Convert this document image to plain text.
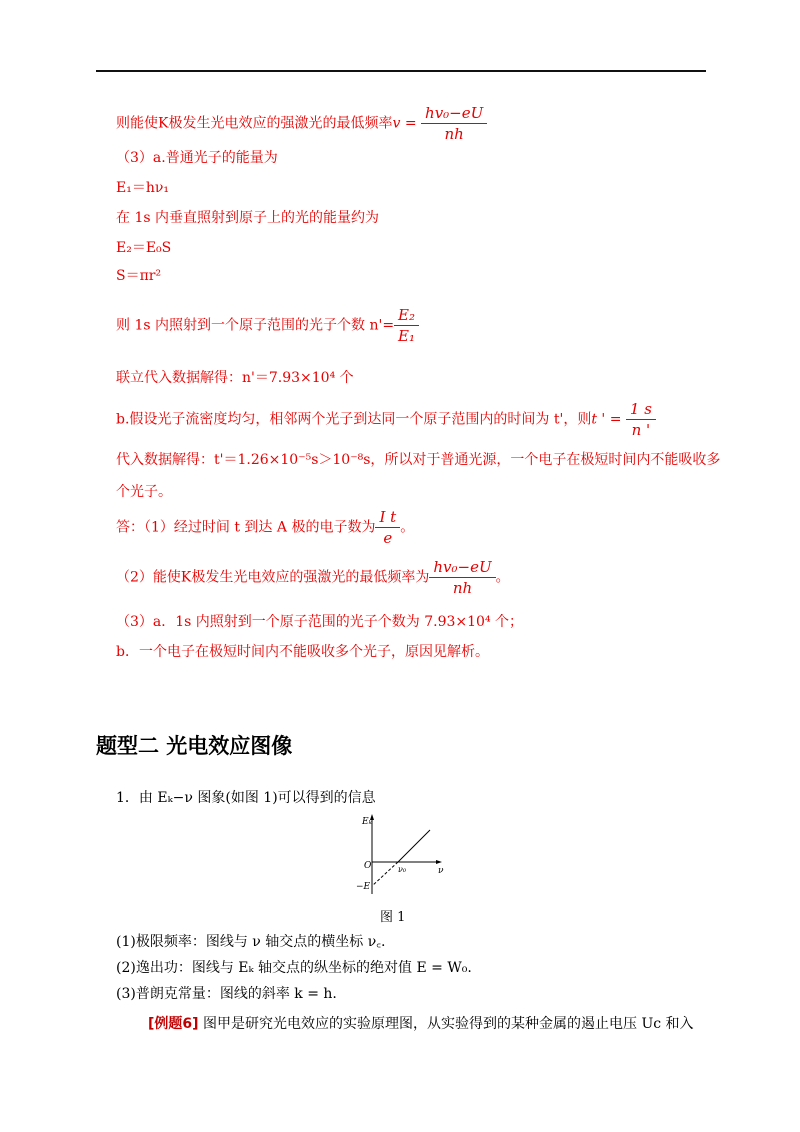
则能使K极发生光电效应的强激光的最低频率$v = \frac{\text{hv₀−eU}}{nh}$
（3）a.普通光子的能量为
E₁＝hν₁
在 1s 内垂直照射到原子上的光的能量约为
E₂＝E₀S
S＝πr²
则 1s 内照射到一个原子范围的光子个数 $n'= \frac{\text{E₂}}{\text{E₁}}$
联立代入数据解得：n'＝7.93×10⁴ 个
b.假设光子流密度均匀，相邻两个光子到达同一个原子范围内的时间为 t'，则t ' = $\frac{1 s}{n '}$
代入数据解得：t'＝1.26×10⁻⁵s＞10⁻⁸s，所以对于普通光源，一个电子在极短时间内不能吸收多
个光子。
答：（1）经过时间 t 到达 A 极的电子数为 $\frac{\text{I t}}{e}$ 。
（2）能使K极发生光电效应的强激光的最低频率为 $\frac{\text{hv₀−eU}}{nh}$ 。
（3）a．1s 内照射到一个原子范围的光子个数为 7.93×10⁴ 个；
b．一个电子在极短时间内不能吸收多个光子，原因见解析。
题型二 光电效应图像
1．由 Eₖ−ν 图象(如图 1)可以得到的信息
Eₖ
O	ν
ν₀
−E
图 1
(1)极限频率：图线与 ν 轴交点的横坐标 ν꜀.
(2)逸出功：图线与 Eₖ 轴交点的纵坐标的绝对值 E = W₀.
(3)普朗克常量：图线的斜率 k = h.
[例题6] 图甲是研究光电效应的实验原理图，从实验得到的某种金属的遏止电压 Uc 和入
